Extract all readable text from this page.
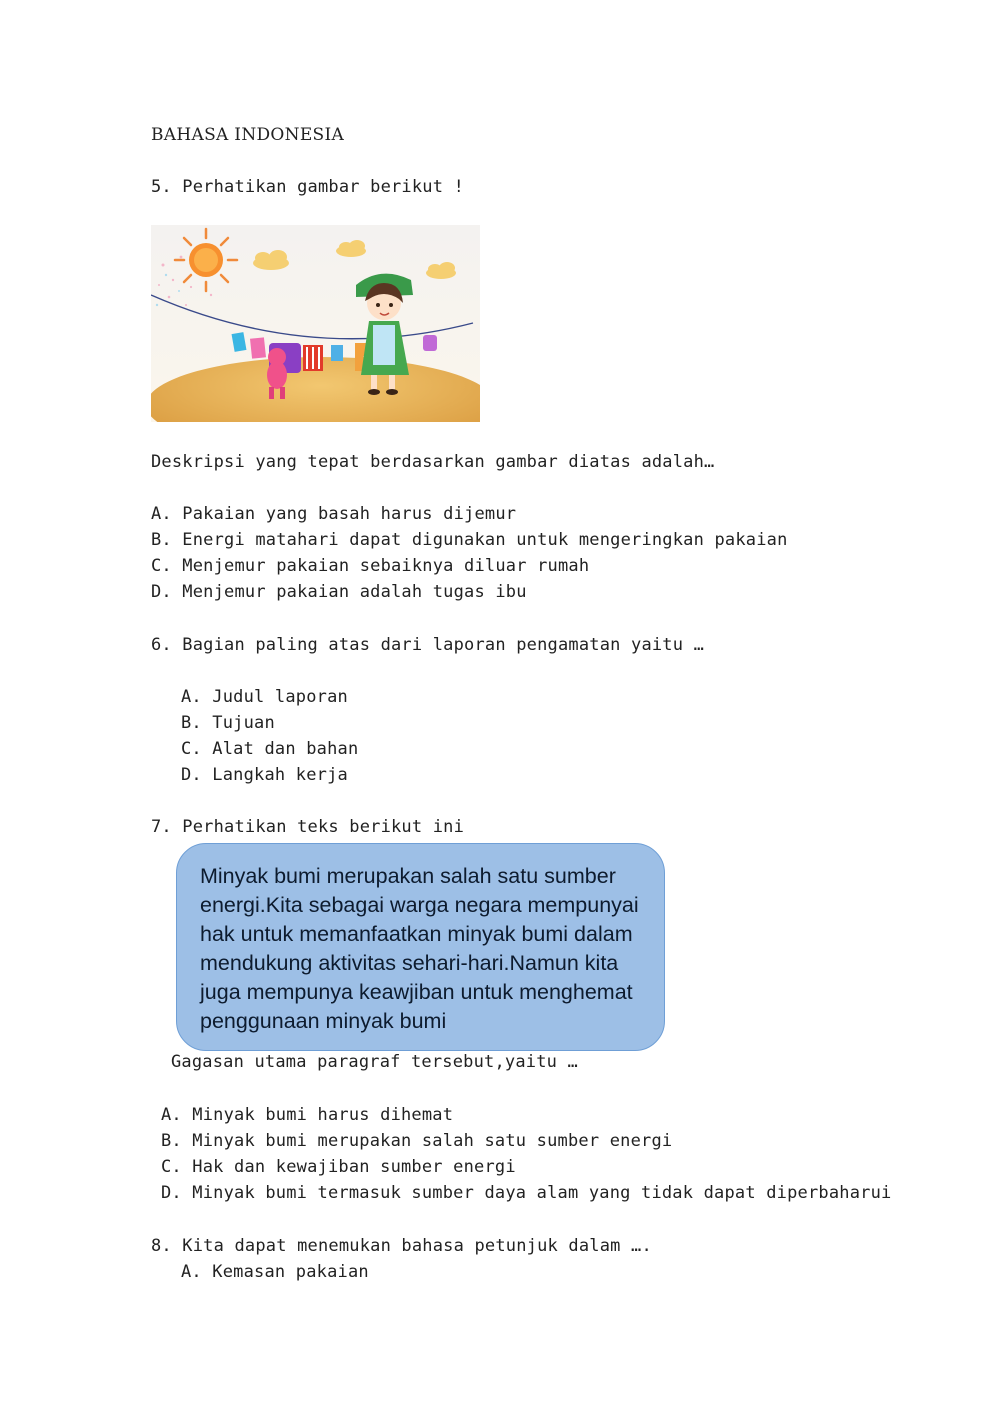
BAHASA INDONESIA
5. Perhatikan gambar berikut !
Deskripsi yang tepat berdasarkan gambar diatas adalah…
A. Pakaian yang basah harus dijemur
B. Energi matahari dapat digunakan untuk mengeringkan pakaian
C. Menjemur pakaian sebaiknya diluar rumah
D. Menjemur pakaian adalah tugas ibu
6. Bagian paling atas dari laporan pengamatan yaitu …
A. Judul laporan
B. Tujuan
C. Alat dan bahan
D. Langkah kerja
7. Perhatikan teks berikut ini
Minyak bumi merupakan salah satu sumber
energi.Kita sebagai warga negara mempunyai
hak untuk memanfaatkan minyak bumi dalam
mendukung aktivitas sehari-hari.Namun kita
juga mempunya keawjiban untuk menghemat
penggunaan minyak bumi
Gagasan utama paragraf tersebut,yaitu …
A. Minyak bumi harus dihemat
B. Minyak bumi merupakan salah satu sumber energi
C. Hak dan kewajiban sumber energi
D. Minyak bumi termasuk sumber daya alam yang tidak dapat diperbaharui
8. Kita dapat menemukan bahasa petunjuk dalam ….
A. Kemasan pakaian
